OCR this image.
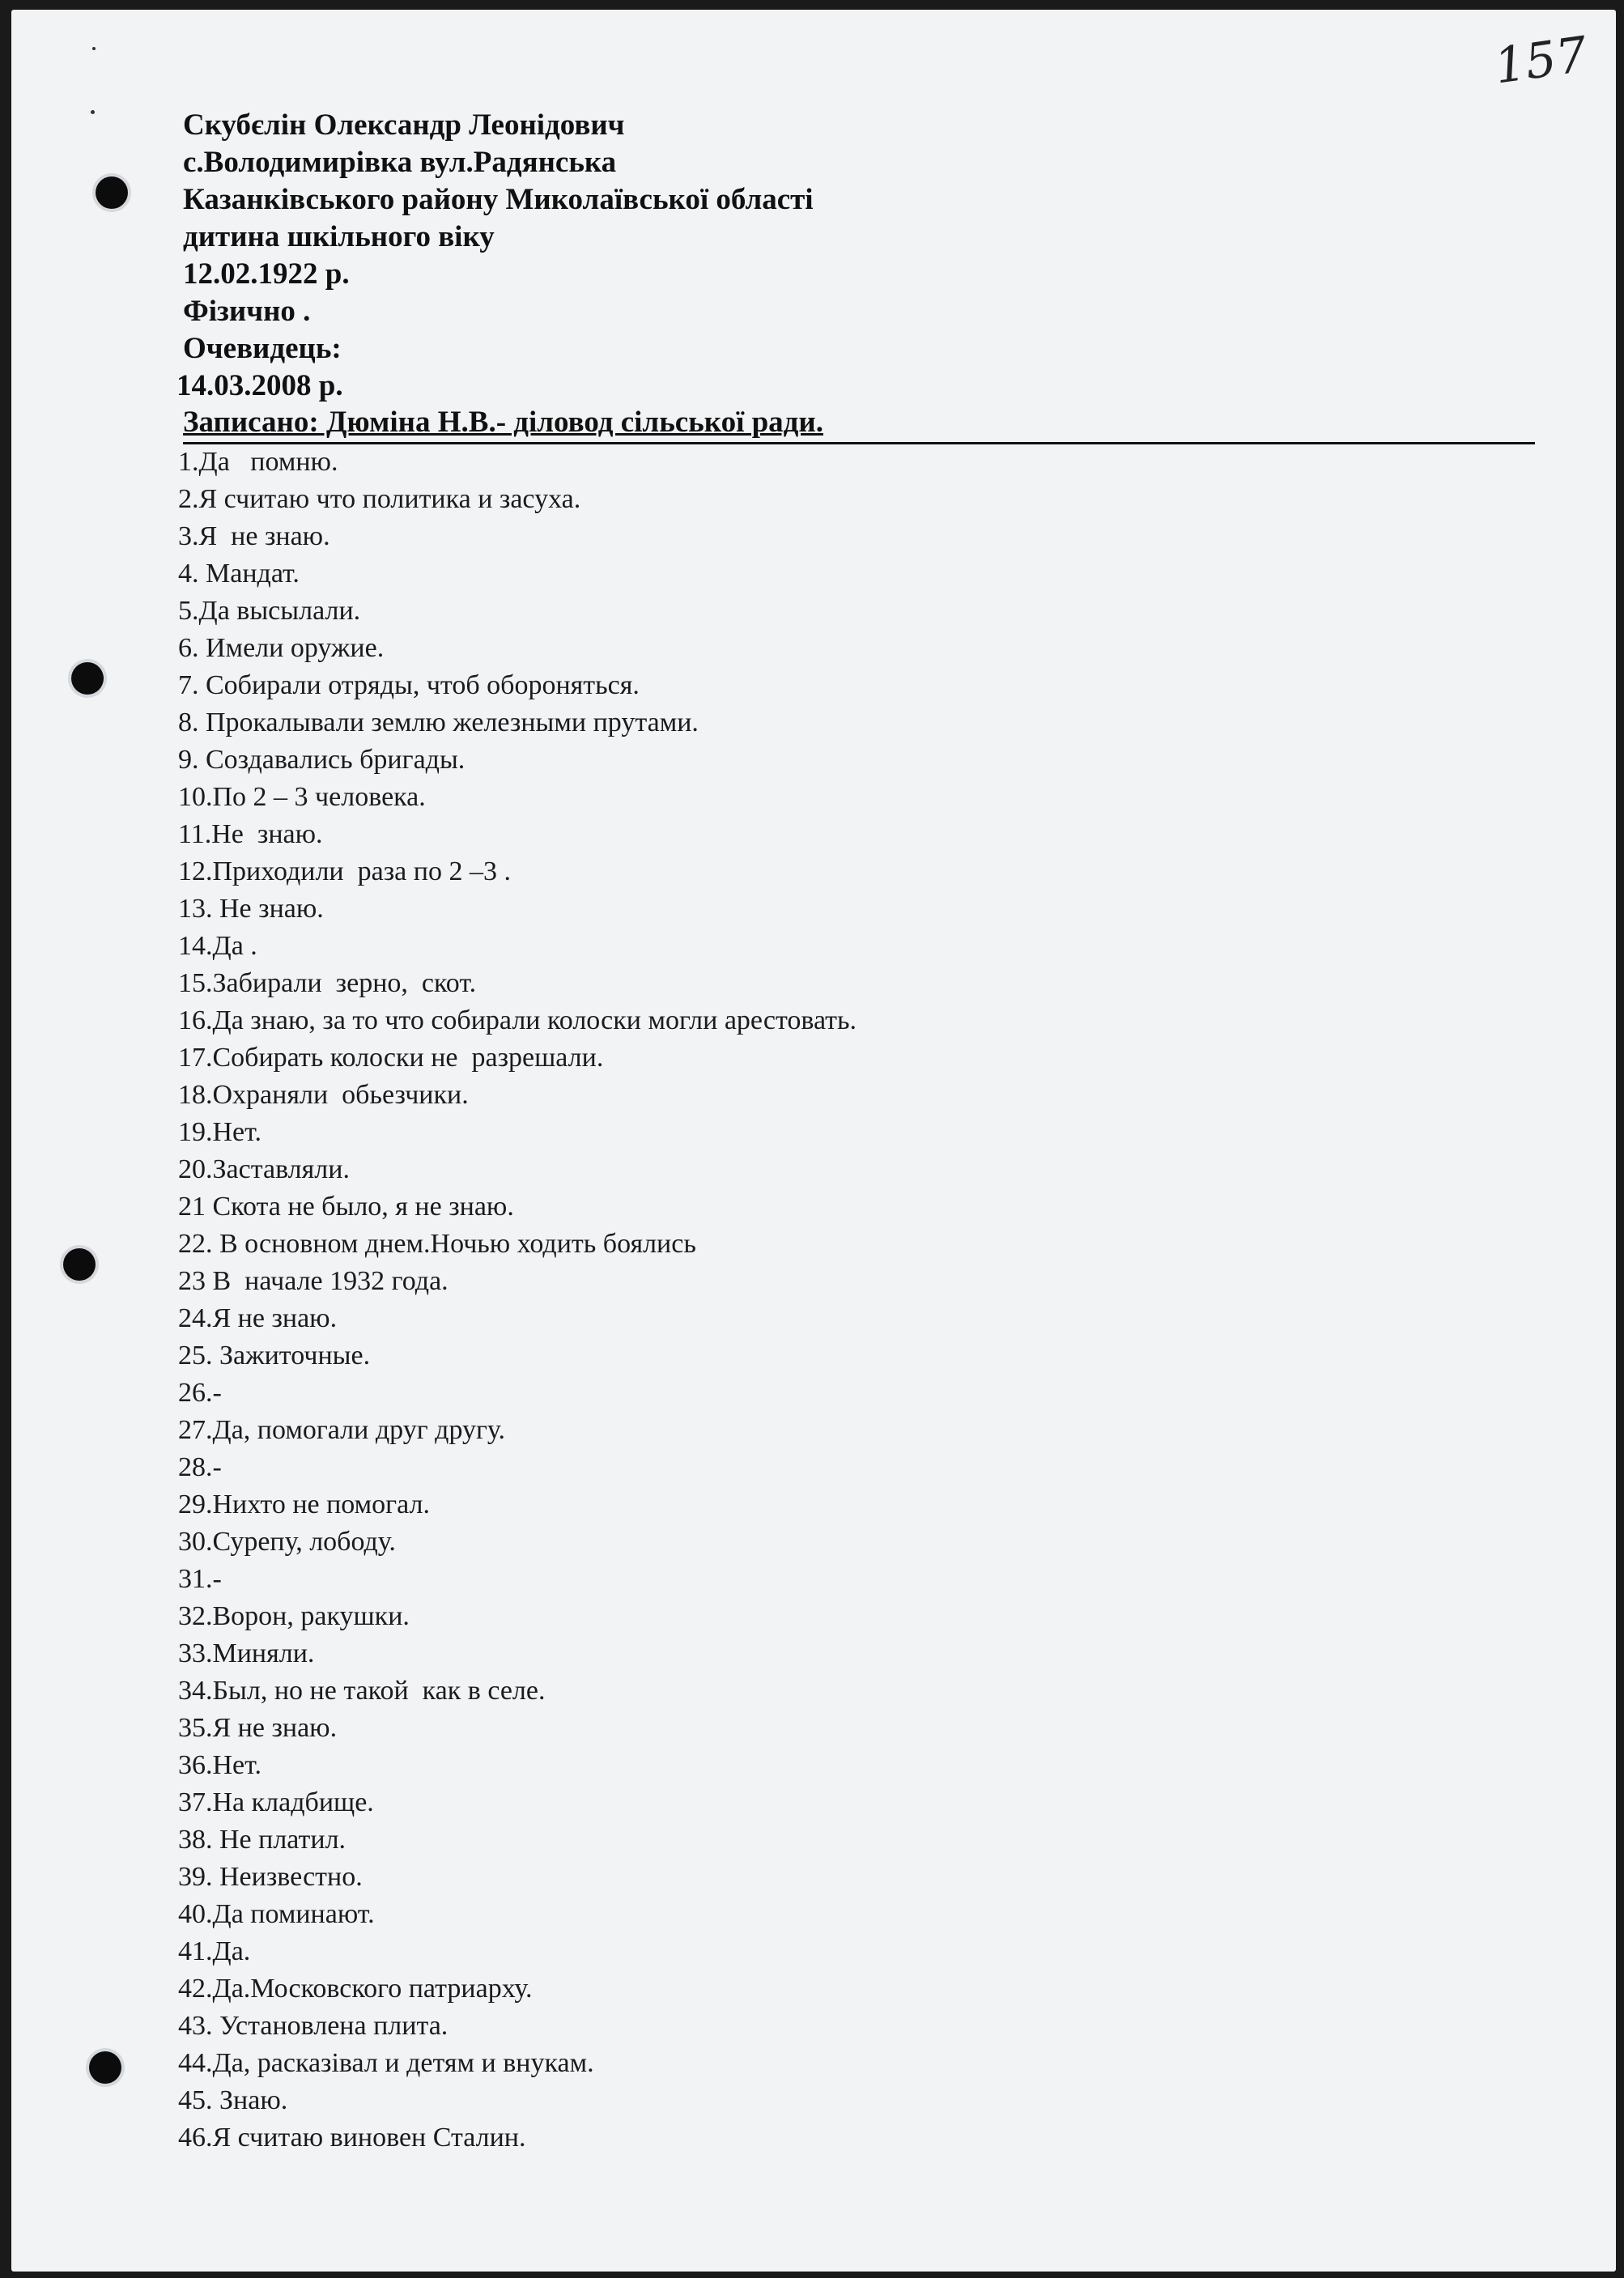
157
Скубєлін Олександр Леонідович
с.Володимирівка вул.Радянська
Казанківського району Миколаївської області
дитина шкільного віку
12.02.1922 р.
Фізично .
Очевидець:
14.03.2008 р.
Записано: Дюміна Н.В.- діловод сільської ради.
1.Да   помню.
2.Я считаю что политика и засуха.
3.Я  не знаю.
4. Мандат.
5.Да высылали.
6. Имели оружие.
7. Собирали отряды, чтоб обороняться.
8. Прокалывали землю железными прутами.
9. Создавались бригады.
10.По 2 – 3 человека.
11.Не  знаю.
12.Приходили  раза по 2 –3 .
13. Не знаю.
14.Да .
15.Забирали  зерно,  скот.
16.Да знаю, за то что собирали колоски могли арестовать.
17.Собирать колоски не  разрешали.
18.Охраняли  обьезчики.
19.Нет.
20.Заставляли.
21 Скота не было, я не знаю.
22. В основном днем.Ночью ходить боялись
23 В  начале 1932 года.
24.Я не знаю.
25. Зажиточные.
26.-
27.Да, помогали друг другу.
28.-
29.Нихто не помогал.
30.Сурепу, лободу.
31.-
32.Ворон, ракушки.
33.Миняли.
34.Был, но не такой  как в селе.
35.Я не знаю.
36.Нет.
37.На кладбище.
38. Не платил.
39. Неизвестно.
40.Да поминают.
41.Да.
42.Да.Московского патриарху.
43. Установлена плита.
44.Да, расказівал и детям и внукам.
45. Знаю.
46.Я считаю виновен Сталин.
